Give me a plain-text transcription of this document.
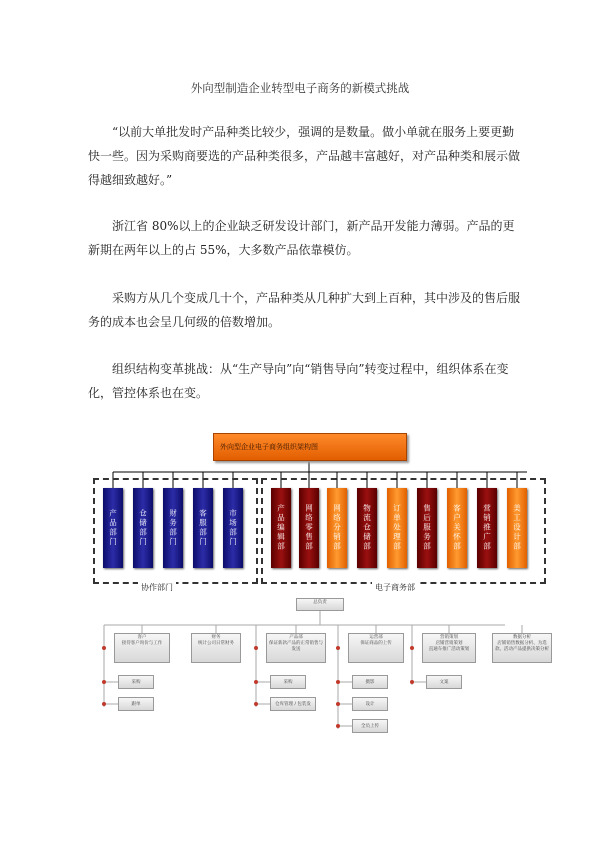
外向型制造企业转型电子商务的新模式挑战

“以前大单批发时产品种类比较少，强调的是数量。做小单就在服务上要更勤快一些。因为采购商要选的产品种类很多，产品越丰富越好，对产品种类和展示做得越细致越好。”

浙江省 80%以上的企业缺乏研发设计部门，新产品开发能力薄弱。产品的更新期在两年以上的占 55%，大多数产品依靠模仿。

采购方从几个变成几十个，产品种类从几种扩大到上百种，其中涉及的售后服务的成本也会呈几何级的倍数增加。

组织结构变革挑战：从“生产导向”向“销售导向”转变过程中，组织体系在变化，管控体系也在变。

外向型企业电子商务组织架构图
产品部门	仓储部门	财务部门	客服部门	市场部门	产品编辑部	网络零售部	网络分销部	物流仓储部	订单处理部	售后服务部	客户关怀部	营销推广部	美工设计部
协作部门	电子商务部
总负责
客户
接待客户询价与工作
采购
跟单
财务
统计公司日常财务
产品部
保证新款产品的正常销售与发送
采购
仓库管理 / 包装发
运营部
保证商品的上传
摄影
设计
全员上传
营销策划
店铺营销策划
直通车推广活动策划
文案
数据分析
店铺销售数据分析、为选款、活动产品提供决策分析
